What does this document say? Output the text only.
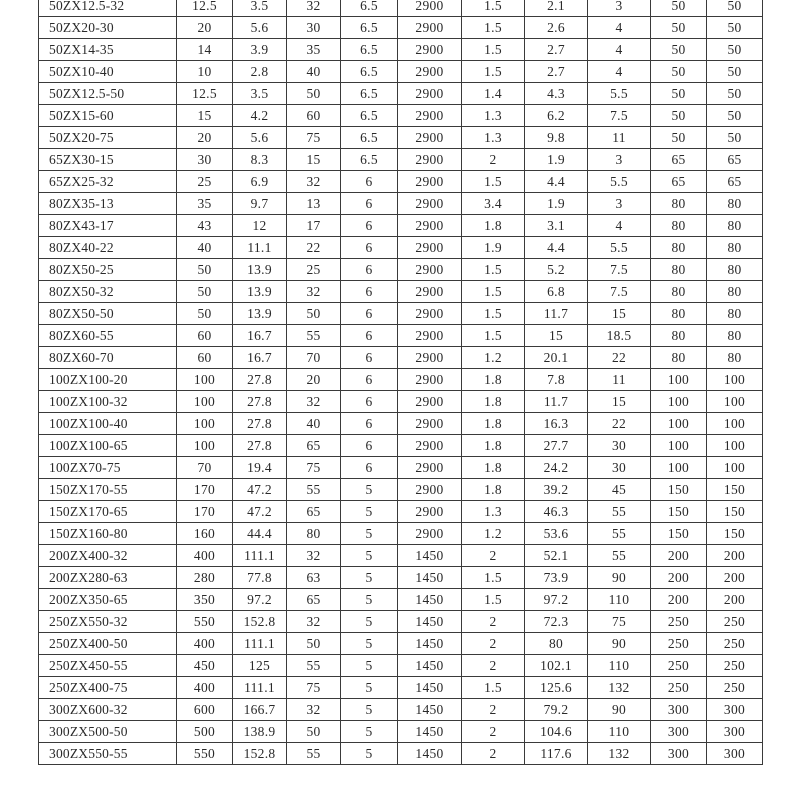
50ZX12.5-32	12.5	3.5	32	6.5	2900	1.5	2.1	3	50	50
50ZX20-30	20	5.6	30	6.5	2900	1.5	2.6	4	50	50
50ZX14-35	14	3.9	35	6.5	2900	1.5	2.7	4	50	50
50ZX10-40	10	2.8	40	6.5	2900	1.5	2.7	4	50	50
50ZX12.5-50	12.5	3.5	50	6.5	2900	1.4	4.3	5.5	50	50
50ZX15-60	15	4.2	60	6.5	2900	1.3	6.2	7.5	50	50
50ZX20-75	20	5.6	75	6.5	2900	1.3	9.8	11	50	50
65ZX30-15	30	8.3	15	6.5	2900	2	1.9	3	65	65
65ZX25-32	25	6.9	32	6	2900	1.5	4.4	5.5	65	65
80ZX35-13	35	9.7	13	6	2900	3.4	1.9	3	80	80
80ZX43-17	43	12	17	6	2900	1.8	3.1	4	80	80
80ZX40-22	40	11.1	22	6	2900	1.9	4.4	5.5	80	80
80ZX50-25	50	13.9	25	6	2900	1.5	5.2	7.5	80	80
80ZX50-32	50	13.9	32	6	2900	1.5	6.8	7.5	80	80
80ZX50-50	50	13.9	50	6	2900	1.5	11.7	15	80	80
80ZX60-55	60	16.7	55	6	2900	1.5	15	18.5	80	80
80ZX60-70	60	16.7	70	6	2900	1.2	20.1	22	80	80
100ZX100-20	100	27.8	20	6	2900	1.8	7.8	11	100	100
100ZX100-32	100	27.8	32	6	2900	1.8	11.7	15	100	100
100ZX100-40	100	27.8	40	6	2900	1.8	16.3	22	100	100
100ZX100-65	100	27.8	65	6	2900	1.8	27.7	30	100	100
100ZX70-75	70	19.4	75	6	2900	1.8	24.2	30	100	100
150ZX170-55	170	47.2	55	5	2900	1.8	39.2	45	150	150
150ZX170-65	170	47.2	65	5	2900	1.3	46.3	55	150	150
150ZX160-80	160	44.4	80	5	2900	1.2	53.6	55	150	150
200ZX400-32	400	111.1	32	5	1450	2	52.1	55	200	200
200ZX280-63	280	77.8	63	5	1450	1.5	73.9	90	200	200
200ZX350-65	350	97.2	65	5	1450	1.5	97.2	110	200	200
250ZX550-32	550	152.8	32	5	1450	2	72.3	75	250	250
250ZX400-50	400	111.1	50	5	1450	2	80	90	250	250
250ZX450-55	450	125	55	5	1450	2	102.1	110	250	250
250ZX400-75	400	111.1	75	5	1450	1.5	125.6	132	250	250
300ZX600-32	600	166.7	32	5	1450	2	79.2	90	300	300
300ZX500-50	500	138.9	50	5	1450	2	104.6	110	300	300
300ZX550-55	550	152.8	55	5	1450	2	117.6	132	300	300
